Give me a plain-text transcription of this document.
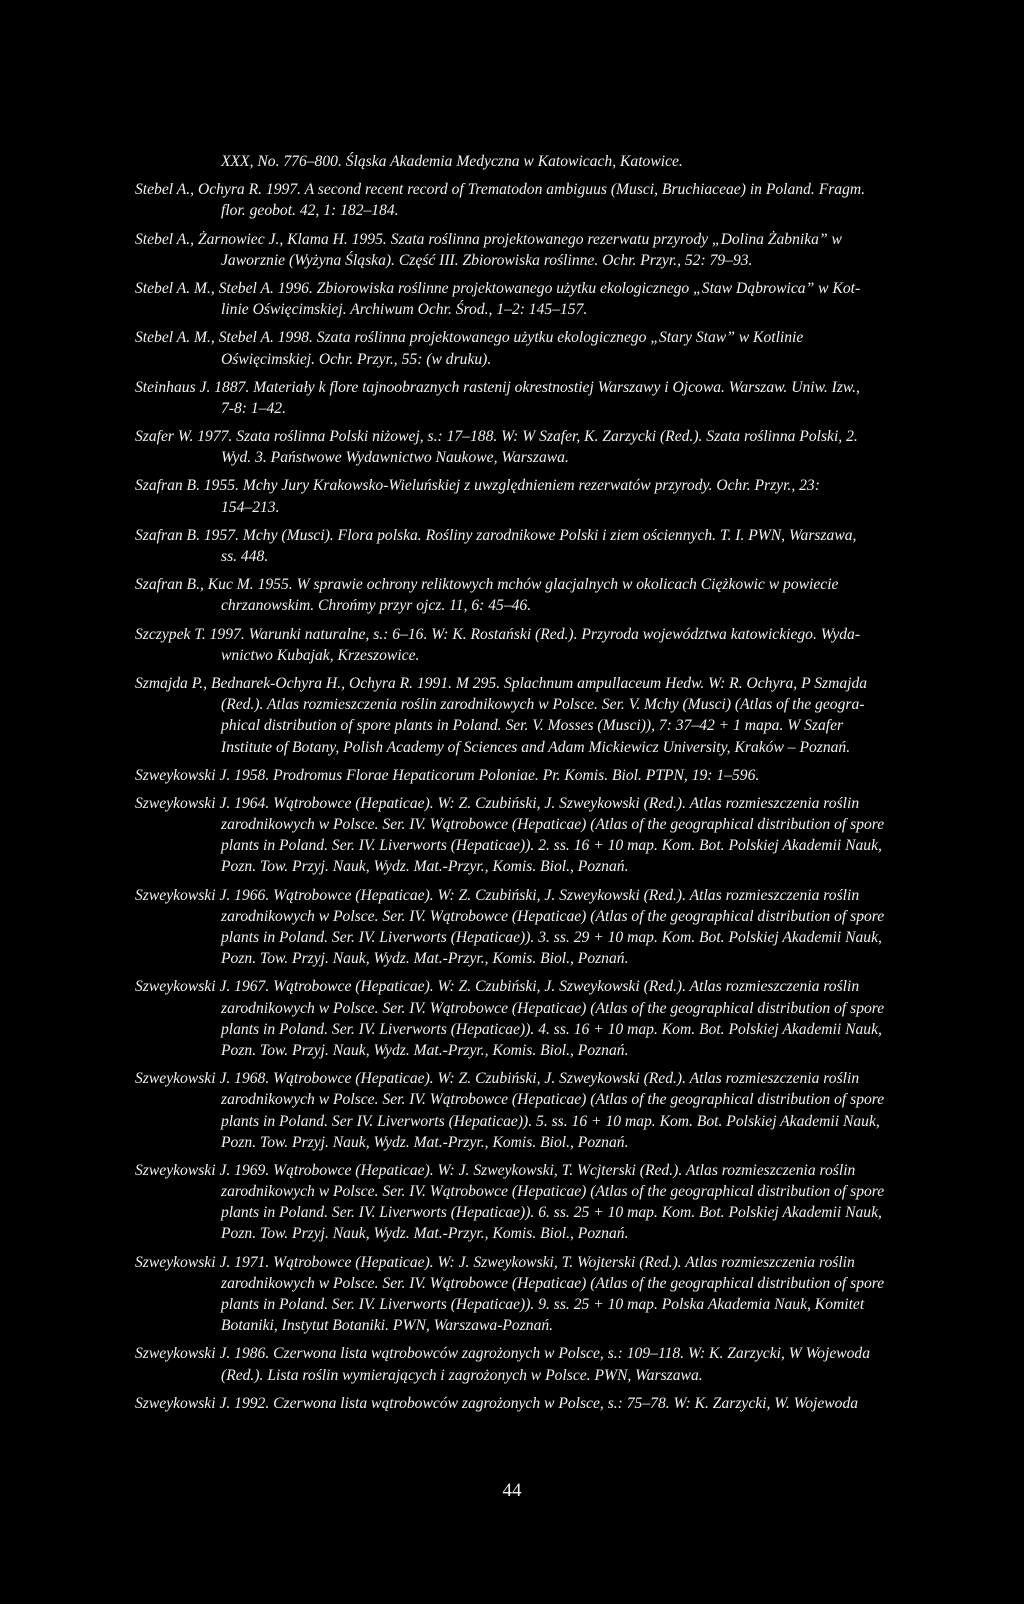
XXX, No. 776–800. Śląska Akademia Medyczna w Katowicach, Katowice.
Stebel A., Ochyra R. 1997. A second recent record of Trematodon ambiguus (Musci, Bruchiaceae) in Poland. Fragm.
flor. geobot. 42, 1: 182–184.
Stebel A., Żarnowiec J., Klama H. 1995. Szata roślinna projektowanego rezerwatu przyrody „Dolina Żabnika” w
Jaworznie (Wyżyna Śląska). Część III. Zbiorowiska roślinne. Ochr. Przyr., 52: 79–93.
Stebel A. M., Stebel A. 1996. Zbiorowiska roślinne projektowanego użytku ekologicznego „Staw Dąbrowica” w Kot-
linie Oświęcimskiej. Archiwum Ochr. Środ., 1–2: 145–157.
Stebel A. M., Stebel A. 1998. Szata roślinna projektowanego użytku ekologicznego „Stary Staw” w Kotlinie
Oświęcimskiej. Ochr. Przyr., 55: (w druku).
Steinhaus J. 1887. Materiały k flore tajnoobraznych rastenij okrestnostiej Warszawy i Ojcowa. Warszaw. Uniw. Izw.,
7-8: 1–42.
Szafer W. 1977. Szata roślinna Polski niżowej, s.: 17–188. W: W Szafer, K. Zarzycki (Red.). Szata roślinna Polski, 2.
Wyd. 3. Państwowe Wydawnictwo Naukowe, Warszawa.
Szafran B. 1955. Mchy Jury Krakowsko-Wieluńskiej z uwzględnieniem rezerwatów przyrody. Ochr. Przyr., 23:
154–213.
Szafran B. 1957. Mchy (Musci). Flora polska. Rośliny zarodnikowe Polski i ziem ościennych. T. I. PWN, Warszawa,
ss. 448.
Szafran B., Kuc M. 1955. W sprawie ochrony reliktowych mchów glacjalnych w okolicach Ciężkowic w powiecie
chrzanowskim. Chrońmy przyr ojcz. 11, 6: 45–46.
Szczypek T. 1997. Warunki naturalne, s.: 6–16. W: K. Rostański (Red.). Przyroda województwa katowickiego. Wyda-
wnictwo Kubajak, Krzeszowice.
Szmajda P., Bednarek-Ochyra H., Ochyra R. 1991. M 295. Splachnum ampullaceum Hedw. W: R. Ochyra, P Szmajda
(Red.). Atlas rozmieszczenia roślin zarodnikowych w Polsce. Ser. V. Mchy (Musci) (Atlas of the geogra-
phical distribution of spore plants in Poland. Ser. V. Mosses (Musci)), 7: 37–42 + 1 mapa. W Szafer
Institute of Botany, Polish Academy of Sciences and Adam Mickiewicz University, Kraków – Poznań.
Szweykowski J. 1958. Prodromus Florae Hepaticorum Poloniae. Pr. Komis. Biol. PTPN, 19: 1–596.
Szweykowski J. 1964. Wątrobowce (Hepaticae). W: Z. Czubiński, J. Szweykowski (Red.). Atlas rozmieszczenia roślin
zarodnikowych w Polsce. Ser. IV. Wątrobowce (Hepaticae) (Atlas of the geographical distribution of spore
plants in Poland. Ser. IV. Liverworts (Hepaticae)). 2. ss. 16 + 10 map. Kom. Bot. Polskiej Akademii Nauk,
Pozn. Tow. Przyj. Nauk, Wydz. Mat.-Przyr., Komis. Biol., Poznań.
Szweykowski J. 1966. Wątrobowce (Hepaticae). W: Z. Czubiński, J. Szweykowski (Red.). Atlas rozmieszczenia roślin
zarodnikowych w Polsce. Ser. IV. Wątrobowce (Hepaticae) (Atlas of the geographical distribution of spore
plants in Poland. Ser. IV. Liverworts (Hepaticae)). 3. ss. 29 + 10 map. Kom. Bot. Polskiej Akademii Nauk,
Pozn. Tow. Przyj. Nauk, Wydz. Mat.-Przyr., Komis. Biol., Poznań.
Szweykowski J. 1967. Wątrobowce (Hepaticae). W: Z. Czubiński, J. Szweykowski (Red.). Atlas rozmieszczenia roślin
zarodnikowych w Polsce. Ser. IV. Wątrobowce (Hepaticae) (Atlas of the geographical distribution of spore
plants in Poland. Ser. IV. Liverworts (Hepaticae)). 4. ss. 16 + 10 map. Kom. Bot. Polskiej Akademii Nauk,
Pozn. Tow. Przyj. Nauk, Wydz. Mat.-Przyr., Komis. Biol., Poznań.
Szweykowski J. 1968. Wątrobowce (Hepaticae). W: Z. Czubiński, J. Szweykowski (Red.). Atlas rozmieszczenia roślin
zarodnikowych w Polsce. Ser. IV. Wątrobowce (Hepaticae) (Atlas of the geographical distribution of spore
plants in Poland. Ser IV. Liverworts (Hepaticae)). 5. ss. 16 + 10 map. Kom. Bot. Polskiej Akademii Nauk,
Pozn. Tow. Przyj. Nauk, Wydz. Mat.-Przyr., Komis. Biol., Poznań.
Szweykowski J. 1969. Wątrobowce (Hepaticae). W: J. Szweykowski, T. Wcjterski (Red.). Atlas rozmieszczenia roślin
zarodnikowych w Polsce. Ser. IV. Wątrobowce (Hepaticae) (Atlas of the geographical distribution of spore
plants in Poland. Ser. IV. Liverworts (Hepaticae)). 6. ss. 25 + 10 map. Kom. Bot. Polskiej Akademii Nauk,
Pozn. Tow. Przyj. Nauk, Wydz. Mat.-Przyr., Komis. Biol., Poznań.
Szweykowski J. 1971. Wątrobowce (Hepaticae). W: J. Szweykowski, T. Wojterski (Red.). Atlas rozmieszczenia roślin
zarodnikowych w Polsce. Ser. IV. Wątrobowce (Hepaticae) (Atlas of the geographical distribution of spore
plants in Poland. Ser. IV. Liverworts (Hepaticae)). 9. ss. 25 + 10 map. Polska Akademia Nauk, Komitet
Botaniki, Instytut Botaniki. PWN, Warszawa-Poznań.
Szweykowski J. 1986. Czerwona lista wątrobowców zagrożonych w Polsce, s.: 109–118. W: K. Zarzycki, W Wojewoda
(Red.). Lista roślin wymierających i zagrożonych w Polsce. PWN, Warszawa.
Szweykowski J. 1992. Czerwona lista wątrobowców zagrożonych w Polsce, s.: 75–78. W: K. Zarzycki, W. Wojewoda
44
